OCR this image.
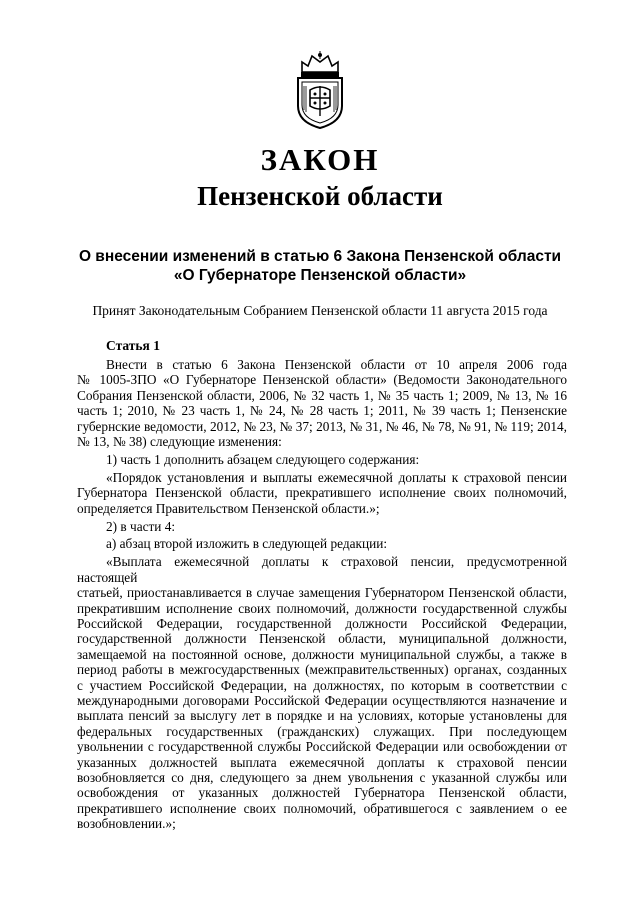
ЗАКОН
Пензенской области
О внесении изменений в статью 6 Закона Пензенской области
«О Губернаторе Пензенской области»
Принят Законодательным Собранием Пензенской области 11 августа 2015 года
Статья 1
Внести в статью 6 Закона Пензенской области от 10 апреля 2006 года
№ 1005-ЗПО «О Губернаторе Пензенской области» (Ведомости Законодательного
Собрания Пензенской области, 2006, № 32 часть 1, № 35 часть 1; 2009, № 13, № 16
часть 1; 2010, № 23 часть 1, № 24, № 28 часть 1; 2011, № 39 часть 1; Пензенские
губернские ведомости, 2012, № 23, № 37; 2013, № 31, № 46, № 78, № 91, № 119; 2014,
№ 13, № 38) следующие изменения:
1) часть 1 дополнить абзацем следующего содержания:
«Порядок установления и выплаты ежемесячной доплаты к страховой пенсии
Губернатора Пензенской области, прекратившего исполнение своих полномочий,
определяется Правительством Пензенской области.»;
2) в части 4:
а) абзац второй изложить в следующей редакции:
«Выплата ежемесячной доплаты к страховой пенсии, предусмотренной настоящей
статьей, приостанавливается в случае замещения Губернатором Пензенской области,
прекратившим исполнение своих полномочий, должности государственной службы
Российской Федерации, государственной должности Российской Федерации,
государственной должности Пензенской области, муниципальной должности,
замещаемой на постоянной основе, должности муниципальной службы, а также в
период работы в межгосударственных (межправительственных) органах, созданных
с участием Российской Федерации, на должностях, по которым в соответствии с
международными договорами Российской Федерации осуществляются назначение и
выплата пенсий за выслугу лет в порядке и на условиях, которые установлены для
федеральных государственных (гражданских) служащих. При последующем
увольнении с государственной службы Российской Федерации или освобождении от
указанных должностей выплата ежемесячной доплаты к страховой пенсии
возобновляется со дня, следующего за днем увольнения с указанной службы или
освобождения от указанных должностей Губернатора Пензенской области,
прекратившего исполнение своих полномочий, обратившегося с заявлением о ее
возобновлении.»;
